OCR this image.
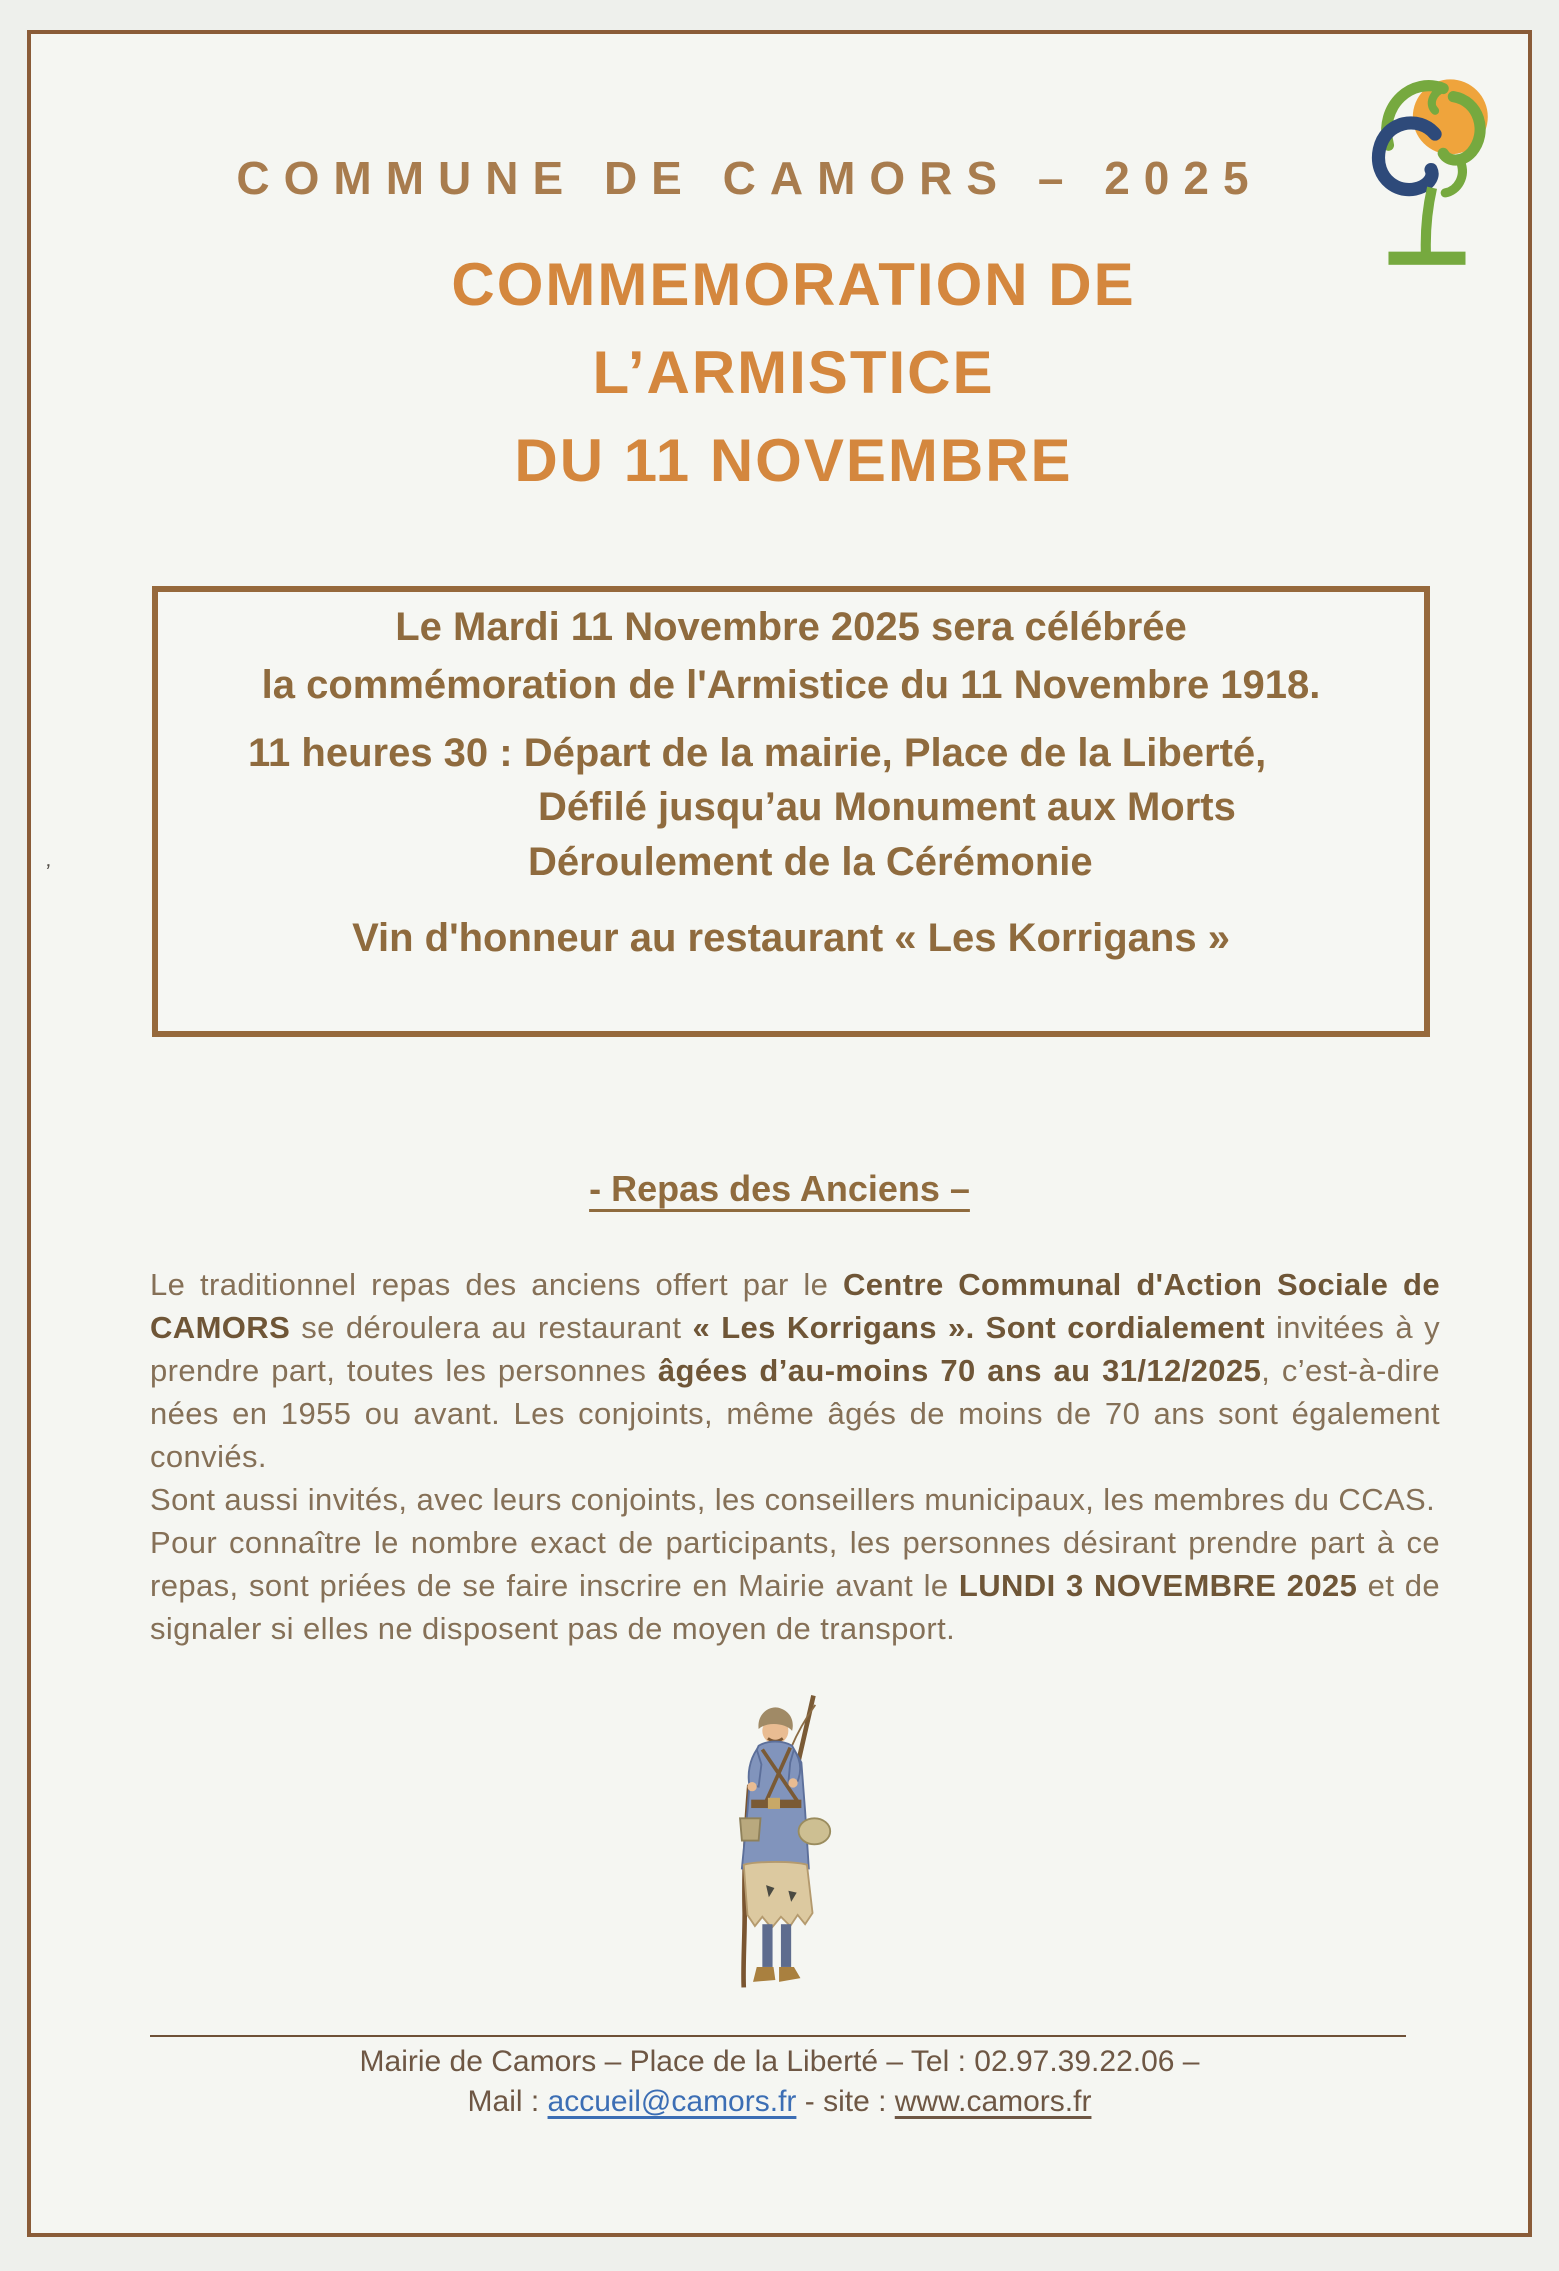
ʼ
COMMUNE DE CAMORS – 2025
COMMEMORATION DE
L’ARMISTICE
DU 11 NOVEMBRE
Le Mardi 11 Novembre 2025 sera célébrée
la commémoration de l'Armistice du 11 Novembre 1918.
11 heures 30 : Départ de la mairie, Place de la Liberté,
Défilé jusqu’au Monument aux Morts
Déroulement de la Cérémonie
Vin d'honneur au restaurant « Les Korrigans »
- Repas des Anciens –

Le traditionnel repas des anciens offert par le Centre Communal d'Action Sociale de CAMORS se déroulera au restaurant « Les Korrigans ». Sont cordialement invitées à y prendre part, toutes les personnes âgées d’au-moins 70 ans au 31/12/2025, c’est-à-dire nées en 1955 ou avant. Les conjoints, même âgés de moins de 70 ans sont également conviés.

Sont aussi invités, avec leurs conjoints, les conseillers municipaux, les membres du CCAS.

Pour connaître le nombre exact de participants, les personnes désirant prendre part à ce repas, sont priées de se faire inscrire en Mairie avant le LUNDI 3 NOVEMBRE 2025 et de signaler si elles ne disposent pas de moyen de transport.

Mairie de Camors – Place de la Liberté – Tel : 02.97.39.22.06 –
Mail : accueil@camors.fr - site : www.camors.fr
